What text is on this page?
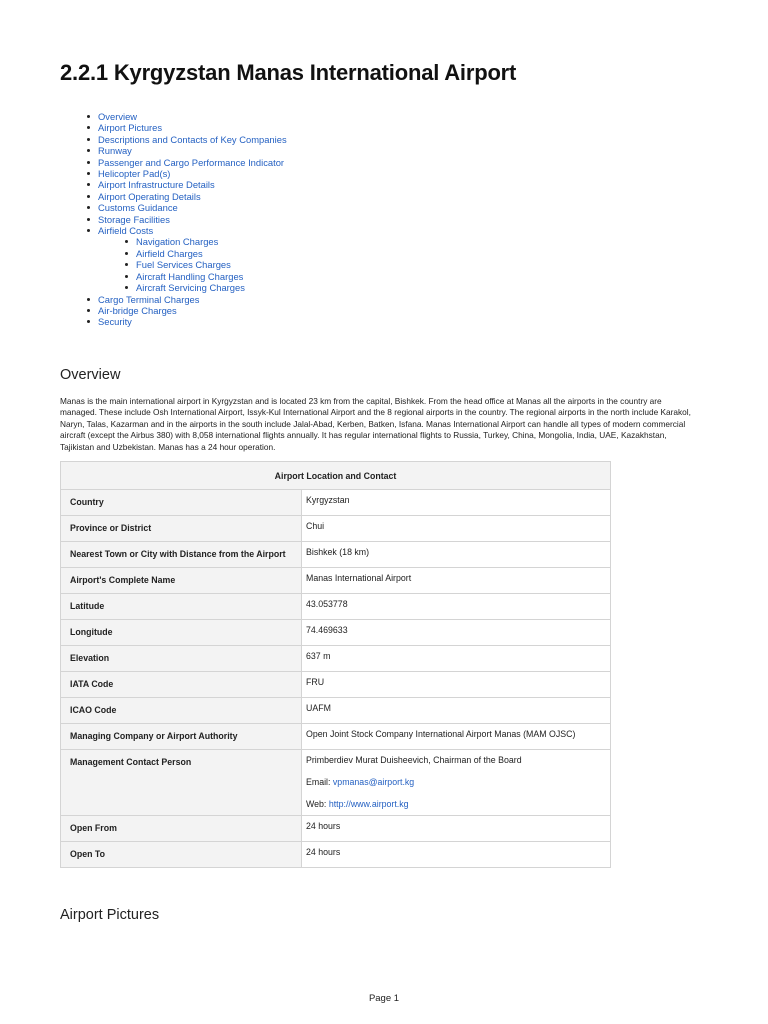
2.2.1 Kyrgyzstan Manas International Airport
Overview
Airport Pictures
Descriptions and Contacts of Key Companies
Runway
Passenger and Cargo Performance Indicator
Helicopter Pad(s)
Airport Infrastructure Details
Airport Operating Details
Customs Guidance
Storage Facilities
Airfield Costs
Navigation Charges
Airfield Charges
Fuel Services Charges
Aircraft Handling Charges
Aircraft Servicing Charges
Cargo Terminal Charges
Air-bridge Charges
Security
Overview

Manas is the main international airport in Kyrgyzstan and is located 23 km from the capital, Bishkek. From the head office at Manas all the airports in the country are managed. These include Osh International Airport, Issyk-Kul International Airport and the 8 regional airports in the country. The regional airports in the north include Karakol, Naryn, Talas, Kazarman and in the airports in the south include Jalal-Abad, Kerben, Batken, Isfana. Manas International Airport can handle all types of modern commercial aircraft (except the Airbus 380) with 8,058 international flights annually. It has regular international flights to Russia, Turkey, China, Mongolia, India, UAE, Kazakhstan, Tajikistan and Uzbekistan. Manas has a 24 hour operation.

Airport Location and Contact	

Country	Kyrgyzstan

Province or District	Chui

Nearest Town or City with Distance from the Airport	Bishkek (18 km)

Airport's Complete Name	Manas International Airport

Latitude	43.053778

Longitude	74.469633

Elevation	637 m

IATA Code	FRU

ICAO Code	UAFM

Managing Company or Airport Authority	Open Joint Stock Company International Airport Manas (MAM OJSC)

Management Contact Person	Primberdiev Murat Duisheevich, Chairman of the Board

Email: vpmanas@airport.kg

Web: http://www.airport.kg

Open From	24 hours

Open To	24 hours
Airport Pictures
Page 1
